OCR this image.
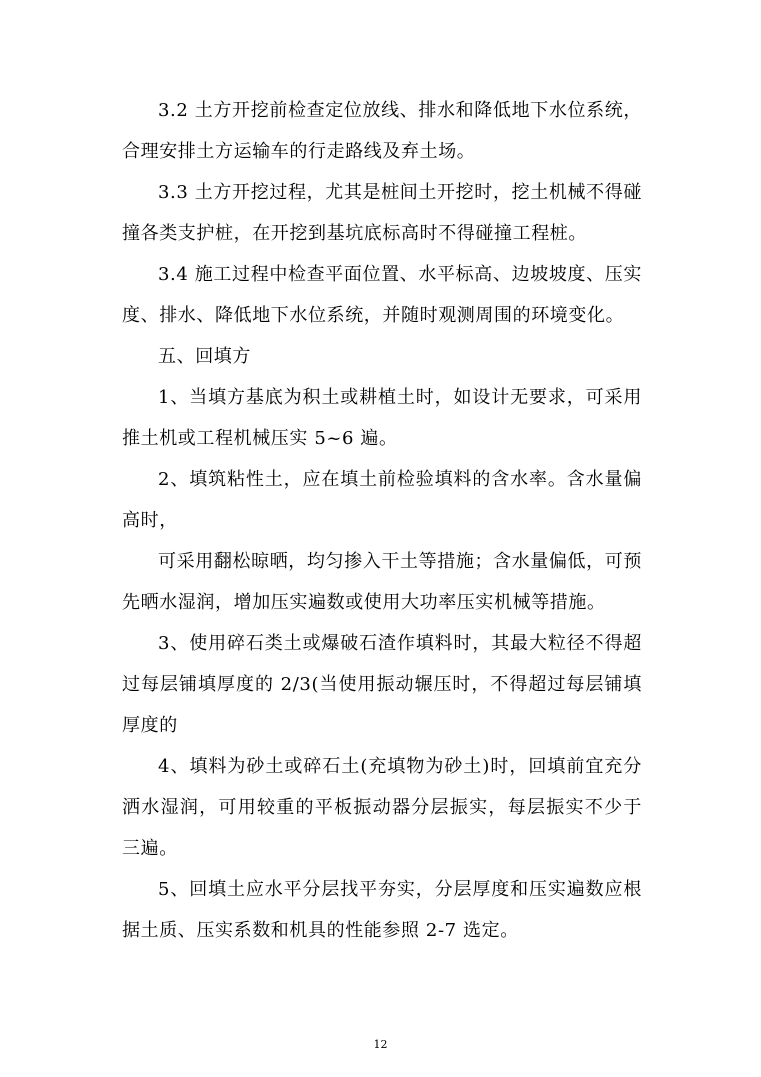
3.2 土方开挖前检查定位放线、排水和降低地下水位系统，合理安排土方运输车的行走路线及弃土场。

3.3 土方开挖过程，尤其是桩间土开挖时，挖土机械不得碰撞各类支护桩，在开挖到基坑底标高时不得碰撞工程桩。

3.4 施工过程中检查平面位置、水平标高、边坡坡度、压实度、排水、降低地下水位系统，并随时观测周围的环境变化。

五、回填方

1、当填方基底为积土或耕植土时，如设计无要求，可采用推土机或工程机械压实 5~6 遍。

2、填筑粘性土，应在填土前检验填料的含水率。含水量偏高时，

可采用翻松晾晒，均匀掺入干土等措施；含水量偏低，可预先晒水湿润，增加压实遍数或使用大功率压实机械等措施。

3、使用碎石类土或爆破石渣作填料时，其最大粒径不得超过每层铺填厚度的 2/3(当使用振动辗压时，不得超过每层铺填厚度的

4、填料为砂土或碎石土(充填物为砂土)时，回填前宜充分洒水湿润，可用较重的平板振动器分层振实，每层振实不少于三遍。

5、回填土应水平分层找平夯实，分层厚度和压实遍数应根据土质、压实系数和机具的性能参照 2-7 选定。

12
